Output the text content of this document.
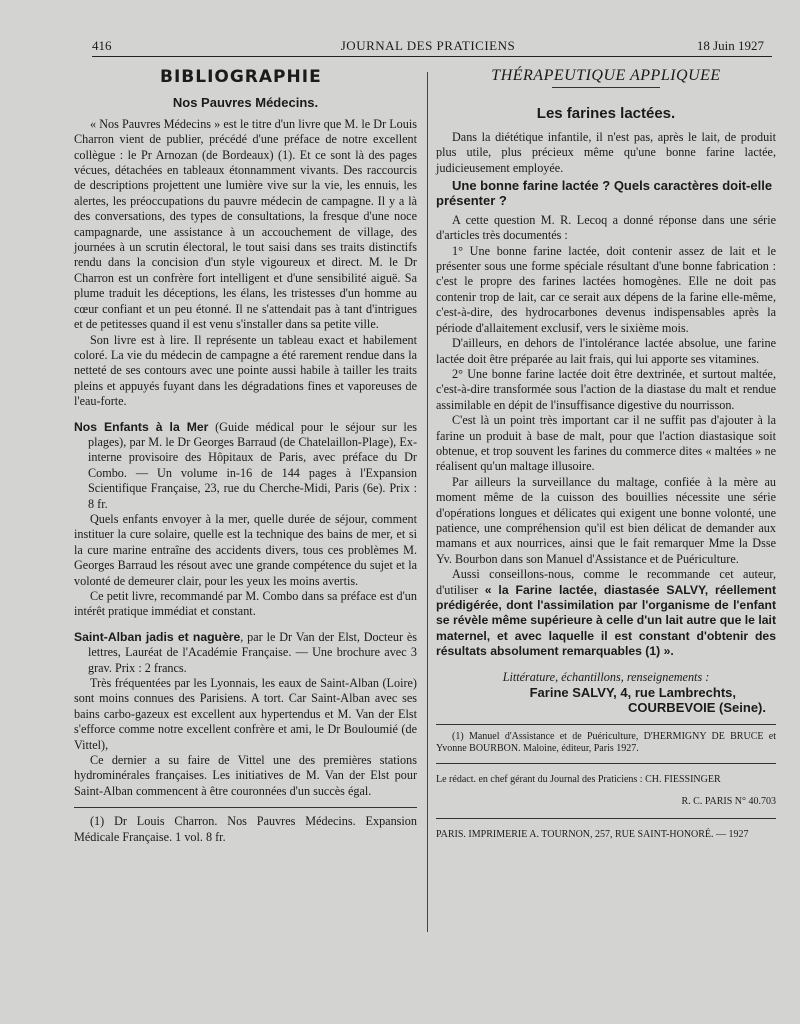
416	JOURNAL DES PRATICIENS	18 Juin 1927
BIBLIOGRAPHIE
Nos Pauvres Médecins.

« Nos Pauvres Médecins » est le titre d'un livre que M. le Dr Louis Charron vient de publier, précédé d'une préface de notre excellent collègue : le Pr Arnozan (de Bordeaux) (1). Et ce sont là des pages vécues, détachées en tableaux étonnamment vivants. Des raccourcis de descriptions projettent une lumière vive sur la vie, les ennuis, les alertes, les préoccupations du pauvre médecin de campagne. Il y a là des conversations, des types de consultations, la fresque d'une noce campagnarde, une assistance à un accouchement de village, des journées à un scrutin électoral, le tout saisi dans ses traits distinctifs rendu dans la concision d'un style vigoureux et direct. M. le Dr Charron est un confrère fort intelligent et d'une sensibilité aiguë. Sa plume traduit les déceptions, les élans, les tristesses d'un homme au cœur confiant et un peu étonné. Il ne s'attendait pas à tant d'intrigues et de petitesses quand il est venu s'installer dans sa petite ville.

Son livre est à lire. Il représente un tableau exact et habilement coloré. La vie du médecin de campagne a été rarement rendue dans la netteté de ses contours avec une pointe aussi habile à tailler les traits pleins et appuyés fuyant dans les dégradations fines et vaporeuses de l'eau-forte.

Nos Enfants à la Mer (Guide médical pour le séjour sur les plages), par M. le Dr Georges Barraud (de Chatelaillon-Plage), Ex-interne provisoire des Hôpitaux de Paris, avec préface du Dr Combo. — Un volume in-16 de 144 pages à l'Expansion Scientifique Française, 23, rue du Cherche-Midi, Paris (6e). Prix : 8 fr.

Quels enfants envoyer à la mer, quelle durée de séjour, comment instituer la cure solaire, quelle est la technique des bains de mer, et si la cure marine entraîne des accidents divers, tous ces problèmes M. Georges Barraud les résout avec une grande compétence du sujet et la volonté de demeurer clair, pour les yeux les moins avertis.

Ce petit livre, recommandé par M. Combo dans sa préface est d'un intérêt pratique immédiat et constant.

Saint-Alban jadis et naguère, par le Dr Van der Elst, Docteur ès lettres, Lauréat de l'Académie Française. — Une brochure avec 3 grav. Prix : 2 francs.

Très fréquentées par les Lyonnais, les eaux de Saint-Alban (Loire) sont moins connues des Parisiens. A tort. Car Saint-Alban avec ses bains carbo-gazeux est excellent aux hypertendus et M. Van der Elst s'efforce comme notre excellent confrère et ami, le Dr Bouloumié (de Vittel),

Ce dernier a su faire de Vittel une des premières stations hydrominérales françaises. Les initiatives de M. Van der Elst pour Saint-Alban commencent à être couronnées d'un succès égal.

(1) Dr Louis Charron. Nos Pauvres Médecins. Expansion Médicale Française. 1 vol. 8 fr.

THÉRAPEUTIQUE APPLIQUEE
Les farines lactées.

Dans la diététique infantile, il n'est pas, après le lait, de produit plus utile, plus précieux même qu'une bonne farine lactée, judicieusement employée.

Une bonne farine lactée ? Quels caractères doit-elle présenter ?

A cette question M. R. Lecoq a donné réponse dans une série d'articles très documentés :

1° Une bonne farine lactée, doit contenir assez de lait et le présenter sous une forme spéciale résultant d'une bonne fabrication : c'est le propre des farines lactées homogènes. Elle ne doit pas contenir trop de lait, car ce serait aux dépens de la farine elle-même, c'est-à-dire, des hydrocarbones devenus indispensables après la période d'allaitement exclusif, vers le sixième mois.

D'ailleurs, en dehors de l'intolérance lactée absolue, une farine lactée doit être préparée au lait frais, qui lui apporte ses vitamines.

2° Une bonne farine lactée doit être dextrinée, et surtout maltée, c'est-à-dire transformée sous l'action de la diastase du malt et rendue assimilable en dépit de l'insuffisance digestive du nourrisson.

C'est là un point très important car il ne suffit pas d'ajouter à la farine un produit à base de malt, pour que l'action diastasique soit obtenue, et trop souvent les farines du commerce dites « maltées » ne réalisent qu'un maltage illusoire.

Par ailleurs la surveillance du maltage, confiée à la mère au moment même de la cuisson des bouillies nécessite une série d'opérations longues et délicates qui exigent une bonne volonté, une patience, une compréhension qu'il est bien délicat de demander aux mamans et aux nourrices, ainsi que le fait remarquer Mme la Dsse Yv. Bourbon dans son Manuel d'Assistance et de Puériculture.

Aussi conseillons-nous, comme le recommande cet auteur, d'utiliser « la Farine lactée, diastasée SALVY, réellement prédigérée, dont l'assimilation par l'organisme de l'enfant se révèle même supérieure à celle d'un lait autre que le lait maternel, et avec laquelle il est constant d'obtenir des résultats absolument remarquables (1) ».

Littérature, échantillons, renseignements :
Farine SALVY, 4, rue Lambrechts,
COURBEVOIE (Seine).

(1) Manuel d'Assistance et de Puériculture, D'HERMIGNY DE BRUCE et Yvonne BOURBON. Maloine, éditeur, Paris 1927.

Le rédact. en chef gérant du Journal des Praticiens : CH. FIESSINGER

R. C. PARIS N° 40.703

PARIS. IMPRIMERIE A. TOURNON, 257, RUE SAINT-HONORÉ. — 1927
